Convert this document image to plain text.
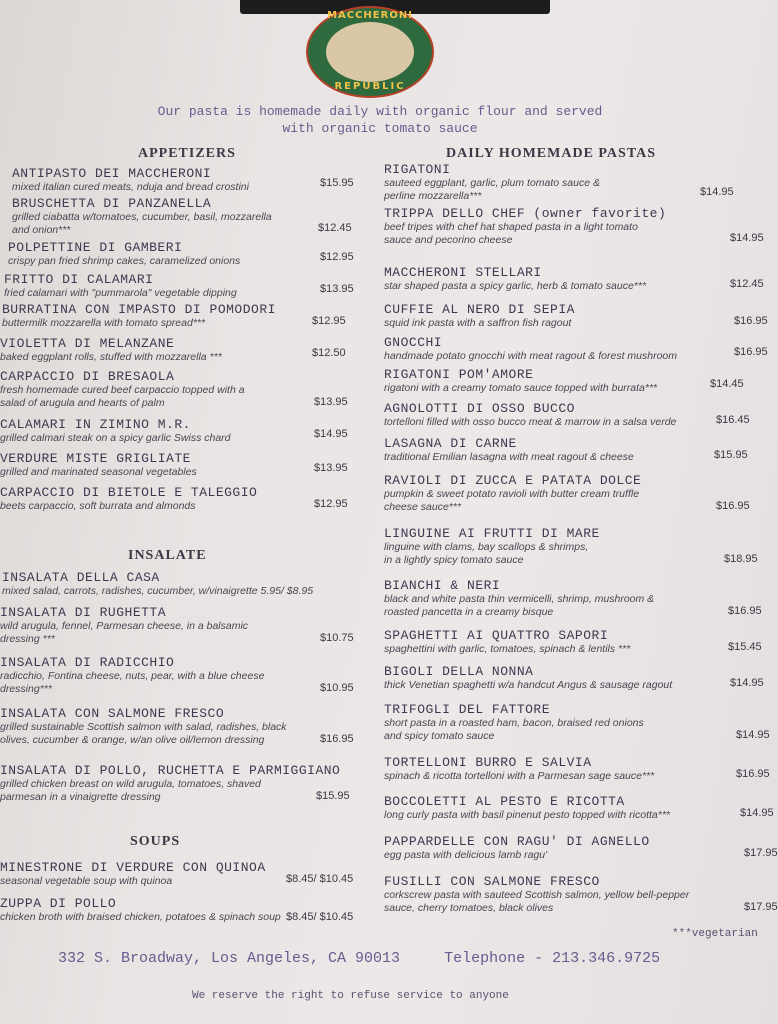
MACCHERONI
REPUBLIC
Our pasta is homemade daily with organic flour and served
with organic tomato sauce
APPETIZERS	DAILY HOMEMADE PASTAS
INSALATE
SOUPS
ANTIPASTO DEI MACCHERONI
mixed italian cured meats, nduja and bread crostini	$15.95
BRUSCHETTA DI PANZANELLA
grilled ciabatta w/tomatoes, cucumber, basil, mozzarella
and onion***	$12.45
POLPETTINE DI GAMBERI
crispy pan fried shrimp cakes, caramelized onions	$12.95
FRITTO DI CALAMARI
fried calamari with "pummarola" vegetable dipping	$13.95
BURRATINA CON IMPASTO DI POMODORI
buttermilk mozzarella with tomato spread***	$12.95
VIOLETTA DI MELANZANE
baked eggplant rolls, stuffed with mozzarella ***	$12.50
CARPACCIO DI BRESAOLA
fresh homemade cured beef carpaccio topped with a
salad of arugula and hearts of palm	$13.95
CALAMARI IN ZIMINO M.R.
grilled calmari steak on a spicy garlic Swiss chard	$14.95
VERDURE MISTE GRIGLIATE
grilled and marinated seasonal vegetables	$13.95
CARPACCIO DI BIETOLE E TALEGGIO
beets carpaccio, soft burrata and almonds	$12.95
INSALATA DELLA CASA
mixed salad, carrots, radishes, cucumber, w/vinaigrette 5.95/ $8.95
INSALATA DI RUGHETTA
wild arugula, fennel, Parmesan cheese, in a balsamic
dressing ***	$10.75
INSALATA DI RADICCHIO
radicchio, Fontina cheese, nuts, pear, with a blue cheese
dressing***	$10.95
INSALATA CON SALMONE FRESCO
grilled sustainable Scottish salmon with salad, radishes, black
olives, cucumber & orange, w/an olive oil/lemon dressing	$16.95
INSALATA DI POLLO, RUCHETTA E PARMIGGIANO
grilled chicken breast on wild arugula, tomatoes, shaved
parmesan in a vinaigrette dressing	$15.95
MINESTRONE DI VERDURE CON QUINOA
seasonal vegetable soup with quinoa	$8.45/ $10.45
ZUPPA DI POLLO
chicken broth with braised chicken, potatoes & spinach soup $8.45/ $10.45
RIGATONI
sauteed eggplant, garlic, plum tomato sauce &
perline mozzarella***	$14.95
TRIPPA DELLO CHEF (owner favorite)
beef tripes with chef hat shaped pasta in a light tomato
sauce and pecorino cheese	$14.95
MACCHERONI STELLARI
star shaped pasta a spicy garlic, herb & tomato sauce***	$12.45
CUFFIE AL NERO DI SEPIA
squid ink pasta with a saffron fish ragout	$16.95
GNOCCHI
handmade potato gnocchi with meat ragout & forest mushroom	$16.95
RIGATONI POM'AMORE
rigatoni with a creamy tomato sauce topped with burrata***	$14.45
AGNOLOTTI DI OSSO BUCCO
tortelloni filled with osso bucco meat & marrow in a salsa verde	$16.45
LASAGNA DI CARNE
traditional Emilian lasagna with meat ragout & cheese	$15.95
RAVIOLI DI ZUCCA E PATATA DOLCE
pumpkin & sweet potato ravioli with butter cream truffle
cheese sauce***	$16.95
LINGUINE AI FRUTTI DI MARE
linguine with clams, bay scallops & shrimps,
in a lightly spicy tomato sauce	$18.95
BIANCHI & NERI
black and white pasta thin vermicelli, shrimp, mushroom &
roasted pancetta in a creamy bisque	$16.95
SPAGHETTI AI QUATTRO SAPORI
spaghettini with garlic, tomatoes, spinach & lentils ***	$15.45
BIGOLI DELLA NONNA
thick Venetian spaghetti w/a handcut Angus & sausage ragout	$14.95
TRIFOGLI DEL FATTORE
short pasta in a roasted ham, bacon, braised red onions
and spicy tomato sauce	$14.95
TORTELLONI BURRO E SALVIA
spinach & ricotta tortelloni with a Parmesan sage sauce***	$16.95
BOCCOLETTI AL PESTO E RICOTTA
long curly pasta with basil pinenut pesto topped with ricotta***	$14.95
PAPPARDELLE CON RAGU' DI AGNELLO
egg pasta with delicious lamb ragu'	$17.95
FUSILLI CON SALMONE FRESCO
corkscrew pasta with sauteed Scottish salmon, yellow bell-pepper
sauce, cherry tomatoes, black olives	$17.95
***vegetarian
332 S. Broadway, Los Angeles, CA 90013	Telephone - 213.346.9725
We reserve the right to refuse service to anyone
